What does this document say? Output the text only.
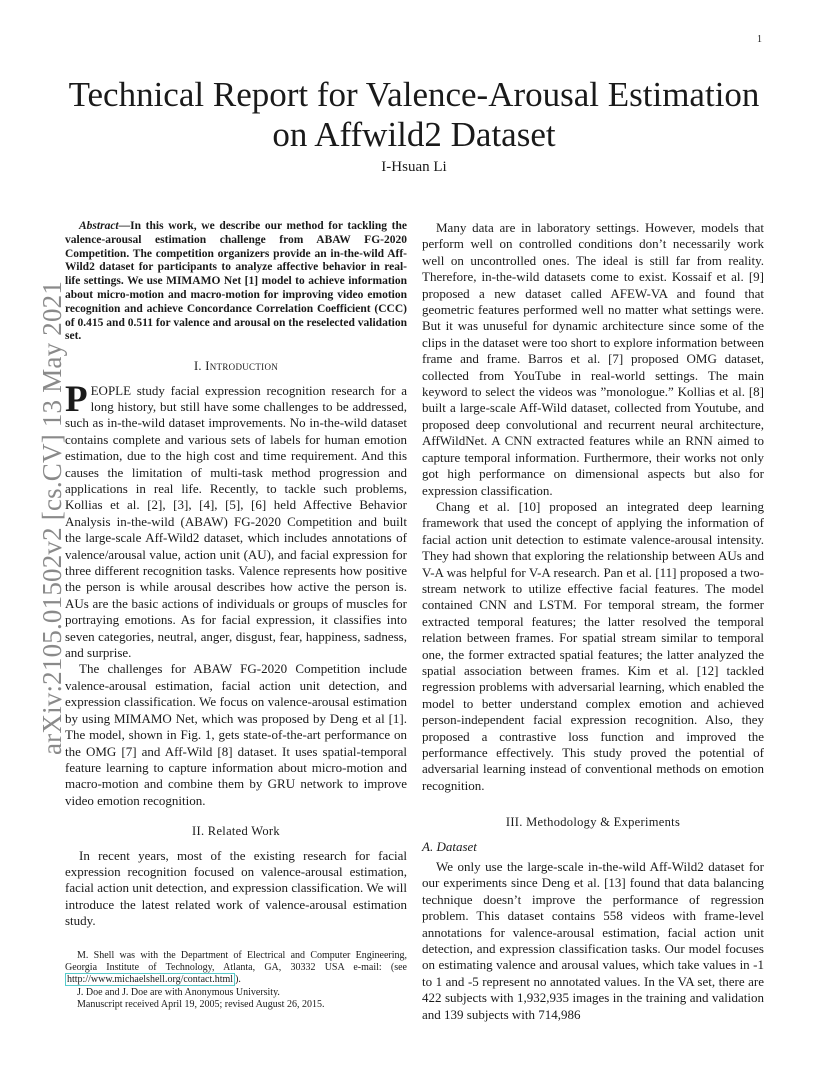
1
arXiv:2105.01502v2 [cs.CV] 13 May 2021
Technical Report for Valence-Arousal Estimation on Affwild2 Dataset
I-Hsuan Li

Abstract—In this work, we describe our method for tackling the valence-arousal estimation challenge from ABAW FG-2020 Competition. The competition organizers provide an in-the-wild Aff-Wild2 dataset for participants to analyze affective behavior in real-life settings. We use MIMAMO Net [1] model to achieve information about micro-motion and macro-motion for improving video emotion recognition and achieve Concordance Correlation Coefficient (CCC) of 0.415 and 0.511 for valence and arousal on the reselected validation set.

I. Introduction

PEOPLE study facial expression recognition research for a long history, but still have some challenges to be addressed, such as in-the-wild dataset improvements. No in-the-wild dataset contains complete and various sets of labels for human emotion estimation, due to the high cost and time requirement. And this causes the limitation of multi-task method progression and applications in real life. Recently, to tackle such problems, Kollias et al. [2], [3], [4], [5], [6] held Affective Behavior Analysis in-the-wild (ABAW) FG-2020 Competition and built the large-scale Aff-Wild2 dataset, which includes annotations of valence/arousal value, action unit (AU), and facial expression for three different recognition tasks. Valence represents how positive the person is while arousal describes how active the person is. AUs are the basic actions of individuals or groups of muscles for portraying emotions. As for facial expression, it classifies into seven categories, neutral, anger, disgust, fear, happiness, sadness, and surprise.

The challenges for ABAW FG-2020 Competition include valence-arousal estimation, facial action unit detection, and expression classification. We focus on valence-arousal estimation by using MIMAMO Net, which was proposed by Deng et al [1]. The model, shown in Fig. 1, gets state-of-the-art performance on the OMG [7] and Aff-Wild [8] dataset. It uses spatial-temporal feature learning to capture information about micro-motion and macro-motion and combine them by GRU network to improve video emotion recognition.

II. Related Work

In recent years, most of the existing research for facial expression recognition focused on valence-arousal estimation, facial action unit detection, and expression classification. We will introduce the latest related work of valence-arousal estimation study.

M. Shell was with the Department of Electrical and Computer Engineering, Georgia Institute of Technology, Atlanta, GA, 30332 USA e-mail: (see http://www.michaelshell.org/contact.html ).

J. Doe and J. Doe are with Anonymous University.

Manuscript received April 19, 2005; revised August 26, 2015.

Many data are in laboratory settings. However, models that perform well on controlled conditions don’t necessarily work well on uncontrolled ones. The ideal is still far from reality. Therefore, in-the-wild datasets come to exist. Kossaif et al. [9] proposed a new dataset called AFEW-VA and found that geometric features performed well no matter what settings were. But it was unuseful for dynamic architecture since some of the clips in the dataset were too short to explore information between frame and frame. Barros et al. [7] proposed OMG dataset, collected from YouTube in real-world settings. The main keyword to select the videos was ”monologue.” Kollias et al. [8] built a large-scale Aff-Wild dataset, collected from Youtube, and proposed deep convolutional and recurrent neural architecture, AffWildNet. A CNN extracted features while an RNN aimed to capture temporal information. Furthermore, their works not only got high performance on dimensional aspects but also for expression classification.

Chang et al. [10] proposed an integrated deep learning framework that used the concept of applying the information of facial action unit detection to estimate valence-arousal intensity. They had shown that exploring the relationship between AUs and V-A was helpful for V-A research. Pan et al. [11] proposed a two-stream network to utilize effective facial features. The model contained CNN and LSTM. For temporal stream, the former extracted temporal features; the latter resolved the temporal relation between frames. For spatial stream similar to temporal one, the former extracted spatial features; the latter analyzed the spatial association between frames. Kim et al. [12] tackled regression problems with adversarial learning, which enabled the model to better understand complex emotion and achieved person-independent facial expression recognition. Also, they proposed a contrastive loss function and improved the performance effectively. This study proved the potential of adversarial learning instead of conventional methods on emotion recognition.

III. Methodology & Experiments
A. Dataset

We only use the large-scale in-the-wild Aff-Wild2 dataset for our experiments since Deng et al. [13] found that data balancing technique doesn’t improve the performance of regression problem. This dataset contains 558 videos with frame-level annotations for valence-arousal estimation, facial action unit detection, and expression classification tasks. Our model focuses on estimating valence and arousal values, which take values in -1 to 1 and -5 represent no annotated values. In the VA set, there are 422 subjects with 1,932,935 images in the training and validation and 139 subjects with 714,986
